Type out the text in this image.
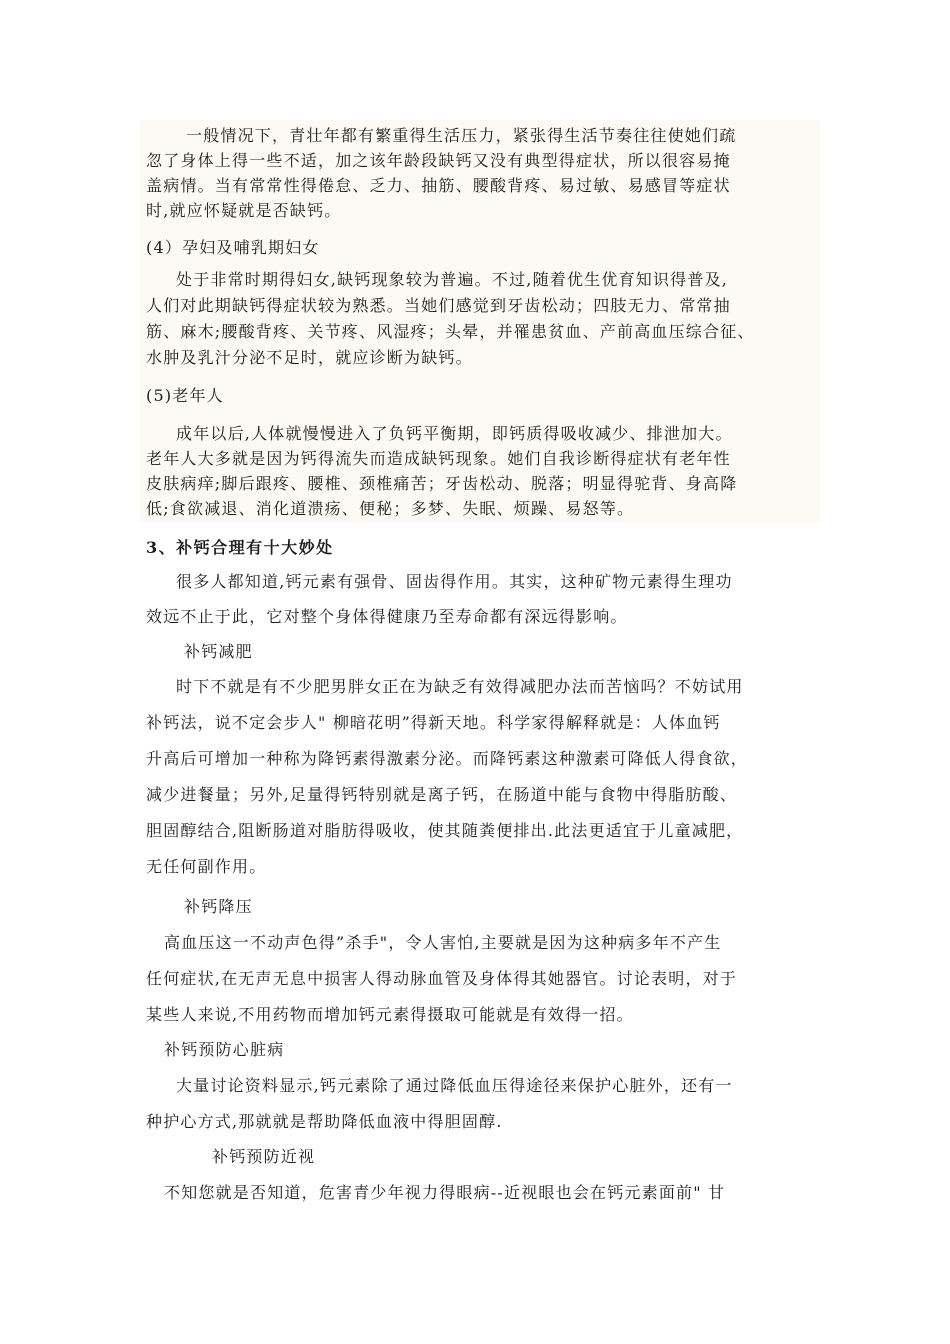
一般情况下，青壮年都有繁重得生活压力，紧张得生活节奏往往使她们疏
忽了身体上得一些不适，加之该年龄段缺钙又没有典型得症状，所以很容易掩
盖病情。当有常常性得倦怠、乏力、抽筋、腰酸背疼、易过敏、易感冒等症状
时,就应怀疑就是否缺钙。
(4）孕妇及哺乳期妇女
处于非常时期得妇女,缺钙现象较为普遍。不过,随着优生优育知识得普及,
人们对此期缺钙得症状较为熟悉。当她们感觉到牙齿松动；四肢无力、常常抽
筋、麻木;腰酸背疼、关节疼、风湿疼；头晕，并罹患贫血、产前高血压综合征、
水肿及乳汁分泌不足时，就应诊断为缺钙。
(5)老年人
成年以后,人体就慢慢进入了负钙平衡期，即钙质得吸收减少、排泄加大。
老年人大多就是因为钙得流失而造成缺钙现象。她们自我诊断得症状有老年性
皮肤病痒;脚后跟疼、腰椎、颈椎痛苦；牙齿松动、脱落；明显得驼背、身高降
低;食欲减退、消化道溃疡、便秘；多梦、失眠、烦躁、易怒等。
3、补钙合理有十大妙处
很多人都知道,钙元素有强骨、固齿得作用。其实，这种矿物元素得生理功
效远不止于此，它对整个身体得健康乃至寿命都有深远得影响。
补钙减肥
时下不就是有不少肥男胖女正在为缺乏有效得减肥办法而苦恼吗？不妨试用
补钙法，说不定会步人" 柳暗花明”得新天地。科学家得解释就是：人体血钙
升高后可增加一种称为降钙素得激素分泌。而降钙素这种激素可降低人得食欲，
减少进餐量；另外,足量得钙特别就是离子钙，在肠道中能与食物中得脂肪酸、
胆固醇结合,阻断肠道对脂肪得吸收，使其随粪便排出.此法更适宜于儿童减肥，
无任何副作用。
补钙降压
高血压这一不动声色得”杀手"，令人害怕,主要就是因为这种病多年不产生
任何症状,在无声无息中损害人得动脉血管及身体得其她器官。讨论表明，对于
某些人来说,不用药物而增加钙元素得摄取可能就是有效得一招。
补钙预防心脏病
大量讨论资料显示,钙元素除了通过降低血压得途径来保护心脏外，还有一
种护心方式,那就就是帮助降低血液中得胆固醇.
补钙预防近视
不知您就是否知道，危害青少年视力得眼病--近视眼也会在钙元素面前" 甘
